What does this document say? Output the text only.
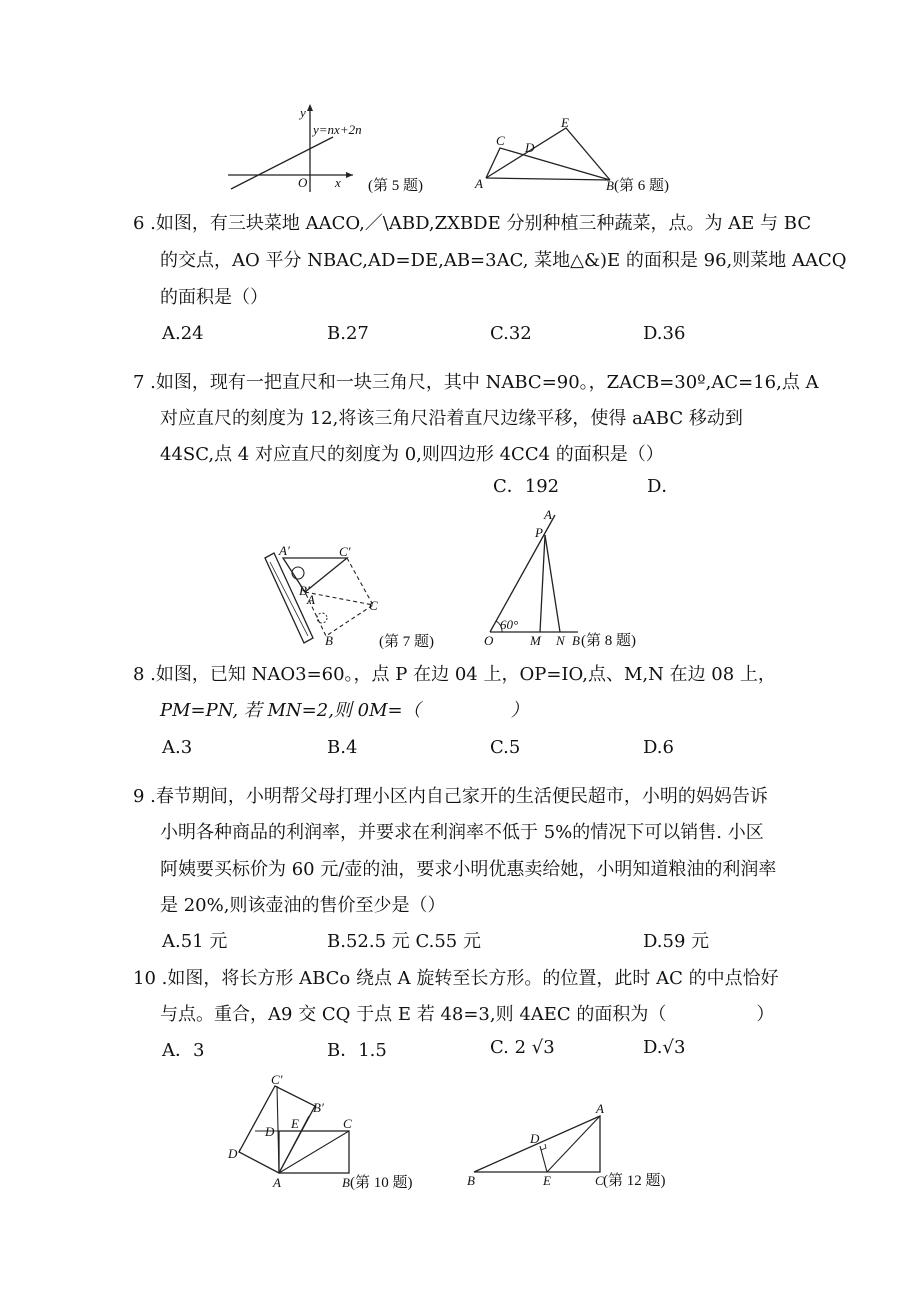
y
y=nx+2n
O x (第 5 题)
C D
E
A	B (第 6 题)
6 .如图，有三块菜地 AACO,／\ABD,ZXBDE 分别种植三种蔬菜，点。为 AE 与 BC
的交点，AO 平分 NBAC,AD=DE,AB=3AC, 菜地△&)E 的面积是 96,则菜地 AACQ
的面积是（）
A.24	B.27	C.32	D.36
7 .如图，现有一把直尺和一块三角尺，其中 NABC=90。，ZACB=30º,AC=16,点 A
对应直尺的刻度为 12,将该三角尺沿着直尺边缘平移，使得 aABC 移动到
44SC,点 4 对应直尺的刻度为 0,则四边形 4CC4 的面积是（）
C．192	D．
A′	C′
B′
A	C
B	(第 7 题)
A
P
60°
O	M N B (第 8 题)
8 .如图，已知 NAO3=60。，点 P 在边 04 上，OP=IO,点、M,N 在边 08 上，
PM=PN, 若 MN=2,则 0M=（　　　　　）
A.3	B.4	C.5	D.6
9 .春节期间，小明帮父母打理小区内自己家开的生活便民超市，小明的妈妈告诉
小明各种商品的利润率，并要求在利润率不低于 5%的情况下可以销售. 小区
阿姨要买标价为 60 元/壶的油，要求小明优惠卖给她，小明知道粮油的利润率
是 20%,则该壶油的售价至少是（）
A.51 元	B.52.5 元 C.55 元	D.59 元
10 .如图，将长方形 ABCo 绕点 A 旋转至长方形。的位置，此时 AC 的中点恰好
与点。重合，A9 交 CQ 于点 E 若 48=3,则 4AEC 的面积为（　　　　　）
A．3	B．1.5	C. 2 √3	D.√3
C′
B′
D
E	C
D′
A	B (第 10 题)
A
D
B	E	C (第 12 题)
